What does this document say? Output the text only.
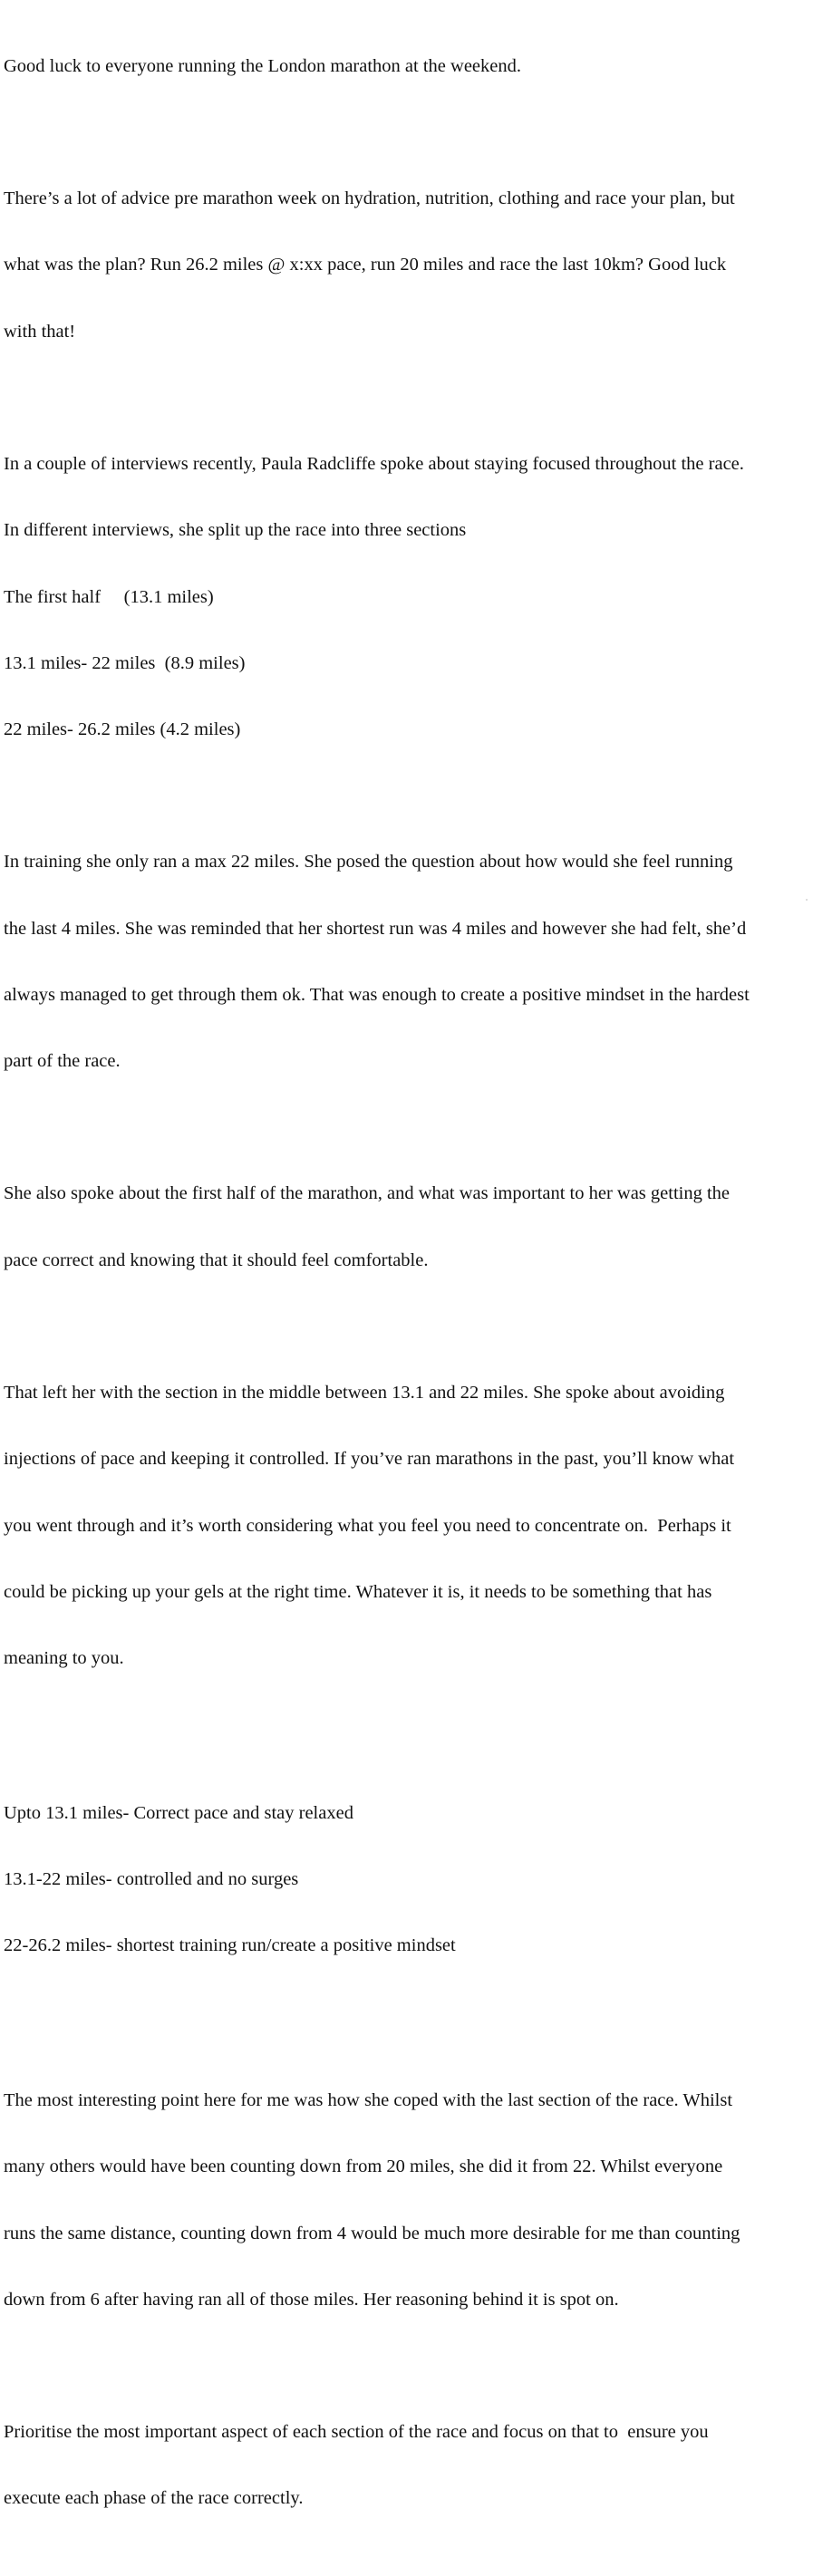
Good luck to everyone running the London marathon at the weekend.

There’s a lot of advice pre marathon week on hydration, nutrition, clothing and race your plan, but

what was the plan? Run 26.2 miles @ x:xx pace, run 20 miles and race the last 10km? Good luck

with that!

In a couple of interviews recently, Paula Radcliffe spoke about staying focused throughout the race.

In different interviews, she split up the race into three sections

The first half     (13.1 miles)

13.1 miles- 22 miles  (8.9 miles)

22 miles- 26.2 miles (4.2 miles)

In training she only ran a max 22 miles. She posed the question about how would she feel running

the last 4 miles. She was reminded that her shortest run was 4 miles and however she had felt, she’d

always managed to get through them ok. That was enough to create a positive mindset in the hardest

part of the race.

She also spoke about the first half of the marathon, and what was important to her was getting the

pace correct and knowing that it should feel comfortable.

That left her with the section in the middle between 13.1 and 22 miles. She spoke about avoiding

injections of pace and keeping it controlled. If you’ve ran marathons in the past, you’ll know what

you went through and it’s worth considering what you feel you need to concentrate on.  Perhaps it

could be picking up your gels at the right time. Whatever it is, it needs to be something that has

meaning to you.

Upto 13.1 miles- Correct pace and stay relaxed

13.1-22 miles- controlled and no surges

22-26.2 miles- shortest training run/create a positive mindset

The most interesting point here for me was how she coped with the last section of the race. Whilst

many others would have been counting down from 20 miles, she did it from 22. Whilst everyone

runs the same distance, counting down from 4 would be much more desirable for me than counting

down from 6 after having ran all of those miles. Her reasoning behind it is spot on.

Prioritise the most important aspect of each section of the race and focus on that to  ensure you

execute each phase of the race correctly.
